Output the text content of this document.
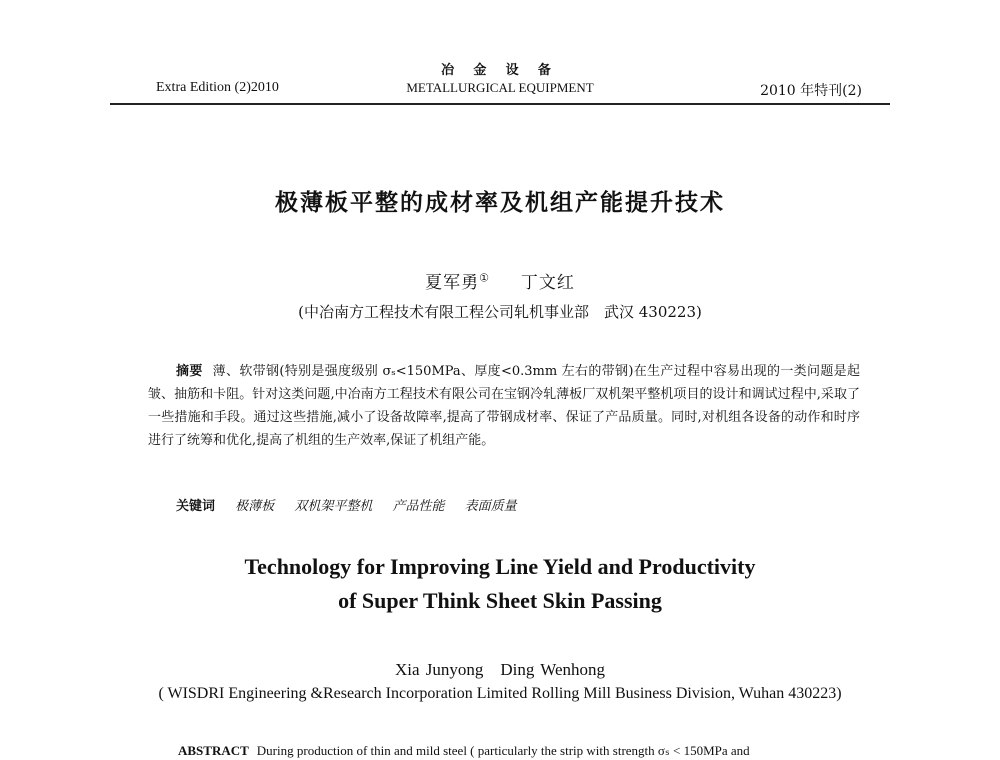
Extra Edition (2)2010
冶 金 设 备
METALLURGICAL EQUIPMENT	2010 年特刊(2)
极薄板平整的成材率及机组产能提升技术
夏军勇① 丁文红
(中冶南方工程技术有限工程公司轧机事业部　武汉 430223)
摘要 薄、软带钢(特别是强度级别 σₛ<150MPa、厚度<0.3mm 左右的带钢)在生产过程中容易出现的一类问题是起皱、抽筋和卡阻。针对这类问题,中冶南方工程技术有限公司在宝钢冷轧薄板厂双机架平整机项目的设计和调试过程中,采取了一些措施和手段。通过这些措施,减小了设备故障率,提高了带钢成材率、保证了产品质量。同时,对机组各设备的动作和时序进行了统筹和优化,提高了机组的生产效率,保证了机组产能。
关键词 极薄板 双机架平整机 产品性能 表面质量
Technology for Improving Line Yield and Productivity
of Super Think Sheet Skin Passing
Xia Junyong　Ding Wenhong
( WISDRI Engineering &Research Incorporation Limited Rolling Mill Business Division, Wuhan 430223)
ABSTRACT During production of thin and mild steel ( particularly the strip with strength σₛ < 150MPa and
